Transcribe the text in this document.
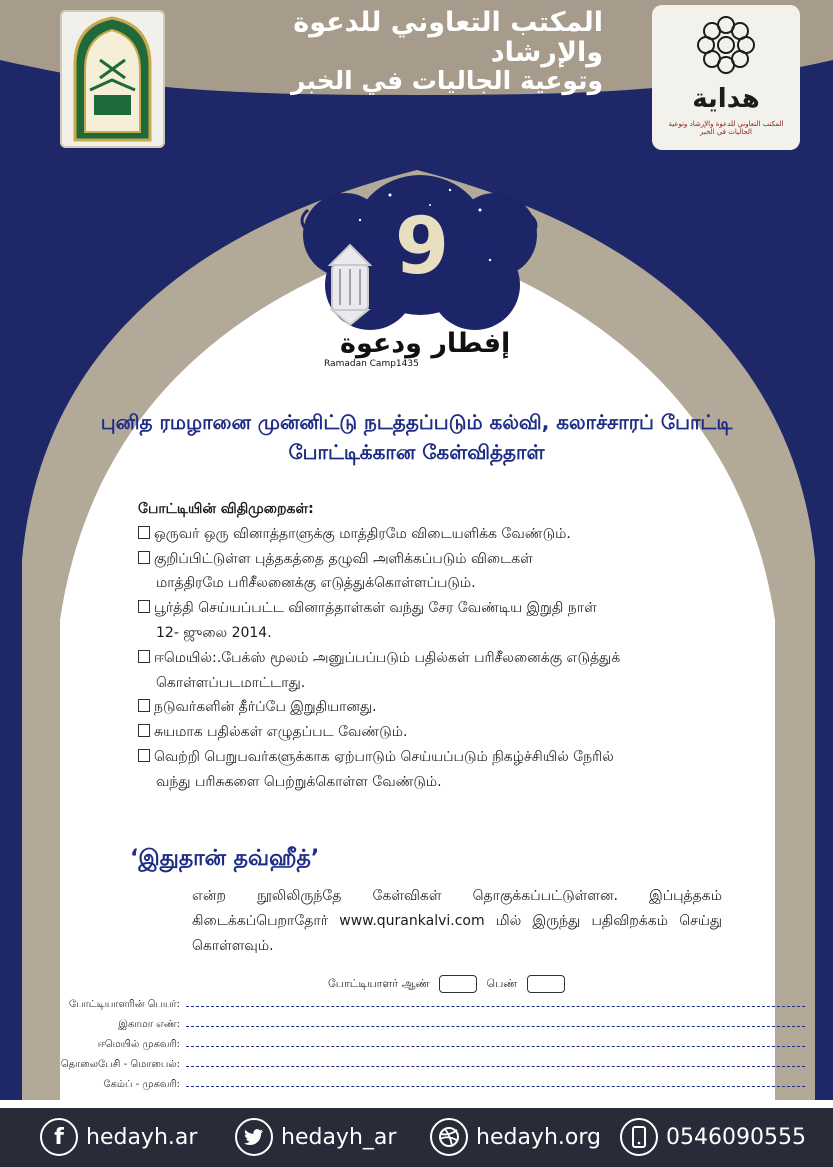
المكتب التعاوني للدعوة والإرشاد
وتوعية الجاليات في الخبر
هداية
المكتب التعاوني للدعوة والإرشاد وتوعية الجاليات في الخبر
9
إفطار ودعوة
Ramadan Camp1435
புனித ரமழானை முன்னிட்டு நடத்தப்படும் கல்வி, கலாச்சாரப் போட்டி
போட்டிக்கான கேள்வித்தாள்
போட்டியின் விதிமுறைகள்:
ஒருவர் ஒரு வினாத்தாளுக்கு மாத்திரமே விடையளிக்க வேண்டும்.
குறிப்பிட்டுள்ள புத்தகத்தை தழுவி அளிக்கப்படும் விடைகள்
மாத்திரமே பரிசீலனைக்கு எடுத்துக்கொள்ளப்படும்.
பூர்த்தி செய்யப்பட்ட வினாத்தாள்கள் வந்து சேர வேண்டிய இறுதி நாள்
12- ஜுலை 2014.
ஈமெயில்:.பேக்ஸ் மூலம் அனுப்பப்படும் பதில்கள் பரிசீலனைக்கு எடுத்துக்
கொள்ளப்படமாட்டாது.
நடுவர்களின் தீர்ப்பே இறுதியானது.
சுயமாக பதில்கள் எழுதப்பட வேண்டும்.
வெற்றி பெறுபவர்களுக்காக ஏற்பாடும் செய்யப்படும் நிகழ்ச்சியில் நேரில்
வந்து பரிசுகளை பெற்றுக்கொள்ள வேண்டும்.
‘இதுதான் தவ்ஹீத்’
என்ற நூலிலிருந்தே கேள்விகள் தொகுக்கப்பட்டுள்ளன. இப்புத்தகம் கிடைக்கப்பெறாதோர் www.qurankalvi.com மில் இருந்து பதிவிறக்கம் செய்து கொள்ளவும்.
போட்டியாளர் ஆண்	பெண்
போட்டியாளரின் பெயர்:
இகாமா எண்:
ஈமெயில் முகவரி:
தொலைபேசி - மொபைல்:
கேம்ப் - முகவரி:
f	hedayh.ar	hedayh_ar	hedayh.org	0546090555
